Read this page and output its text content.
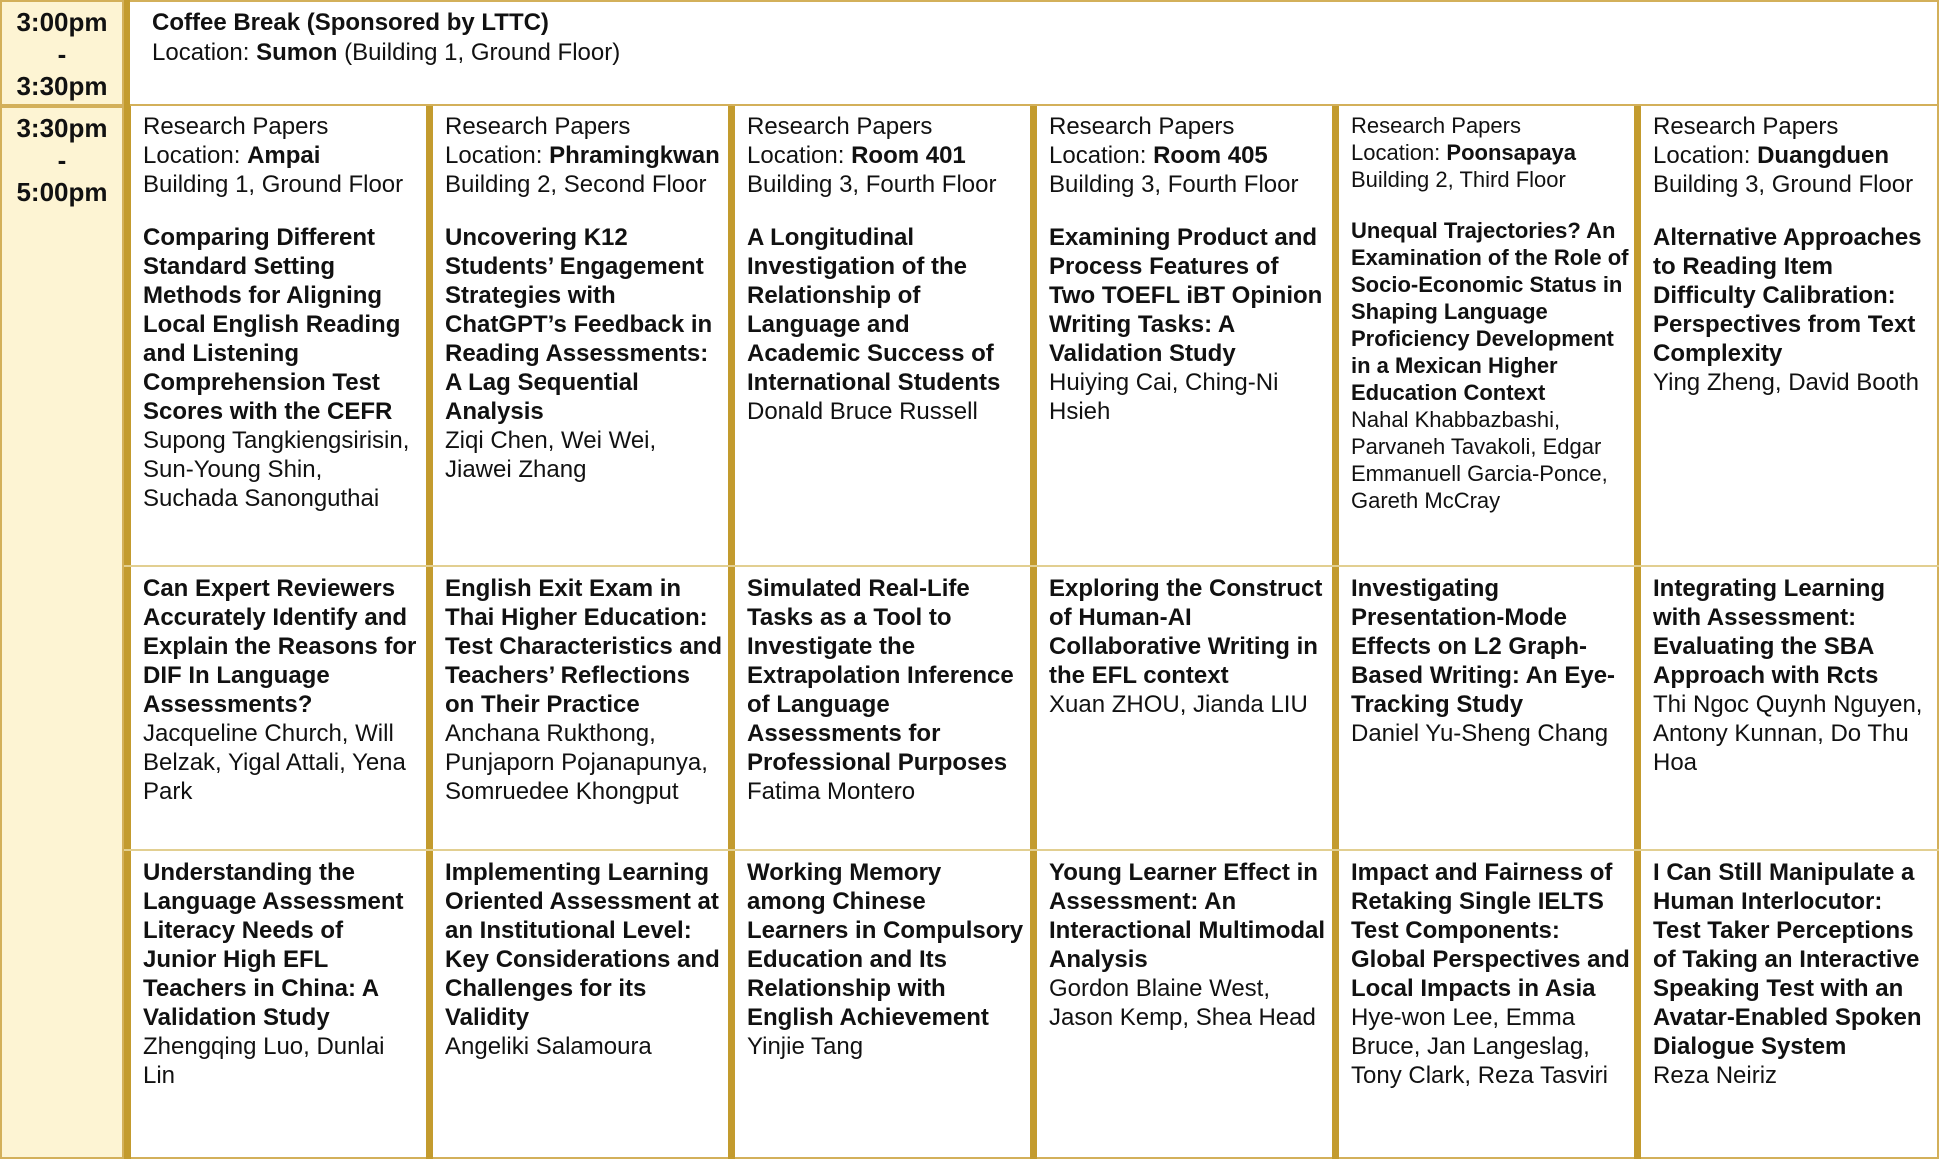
3:00pm
-
3:30pm
Coffee Break (Sponsored by LTTC)
Location: Sumon (Building 1, Ground Floor)
3:30pm
-
5:00pm
Research Papers
Location: Ampai
Building 1, Ground Floor
Comparing Different Standard Setting Methods for Aligning Local English Reading and Listening Comprehension Test Scores with the CEFR
Supong Tangkiengsirisin, Sun-Young Shin, Suchada Sanonguthai
Research Papers
Location: Phramingkwan
Building 2, Second Floor
Uncovering K12 Students’ Engagement Strategies with ChatGPT’s Feedback in Reading Assessments: A Lag Sequential Analysis
Ziqi Chen, Wei Wei, Jiawei Zhang
Research Papers
Location: Room 401
Building 3, Fourth Floor
A Longitudinal Investigation of the Relationship of Language and Academic Success of International Students
Donald Bruce Russell
Research Papers
Location: Room 405
Building 3, Fourth Floor
Examining Product and Process Features of Two TOEFL iBT Opinion Writing Tasks: A Validation Study
Huiying Cai, Ching-Ni Hsieh
Research Papers
Location: Poonsapaya
Building 2, Third Floor
Unequal Trajectories? An Examination of the Role of Socio-Economic Status in Shaping Language Proficiency Development in a Mexican Higher Education Context
Nahal Khabbazbashi, Parvaneh Tavakoli, Edgar Emmanuell Garcia-Ponce, Gareth McCray
Research Papers
Location: Duangduen
Building 3, Ground Floor
Alternative Approaches to Reading Item Difficulty Calibration: Perspectives from Text Complexity
Ying Zheng, David Booth
Can Expert Reviewers Accurately Identify and Explain the Reasons for DIF In Language Assessments?
Jacqueline Church, Will Belzak, Yigal Attali, Yena Park
English Exit Exam in Thai Higher Education: Test Characteristics and Teachers’ Reflections on Their Practice
Anchana Rukthong, Punjaporn Pojanapunya, Somruedee Khongput
Simulated Real-Life Tasks as a Tool to Investigate the Extrapolation Inference of Language Assessments for Professional Purposes
Fatima Montero
Exploring the Construct of Human-AI Collaborative Writing in the EFL context
Xuan ZHOU, Jianda LIU
Investigating Presentation-Mode Effects on L2 Graph-Based Writing: An Eye-Tracking Study
Daniel Yu-Sheng Chang
Integrating Learning with Assessment: Evaluating the SBA Approach with Rcts
Thi Ngoc Quynh Nguyen, Antony Kunnan, Do Thu Hoa
Understanding the Language Assessment Literacy Needs of Junior High EFL Teachers in China: A Validation Study
Zhengqing Luo, Dunlai Lin
Implementing Learning Oriented Assessment at an Institutional Level: Key Considerations and Challenges for its Validity
Angeliki Salamoura
Working Memory among Chinese Learners in Compulsory Education and Its Relationship with English Achievement
Yinjie Tang
Young Learner Effect in Assessment: An Interactional Multimodal Analysis
Gordon Blaine West, Jason Kemp, Shea Head
Impact and Fairness of Retaking Single IELTS Test Components: Global Perspectives and Local Impacts in Asia
Hye-won Lee, Emma Bruce, Jan Langeslag, Tony Clark, Reza Tasviri
I Can Still Manipulate a Human Interlocutor: Test Taker Perceptions of Taking an Interactive Speaking Test with an Avatar-Enabled Spoken Dialogue System
Reza Neiriz
